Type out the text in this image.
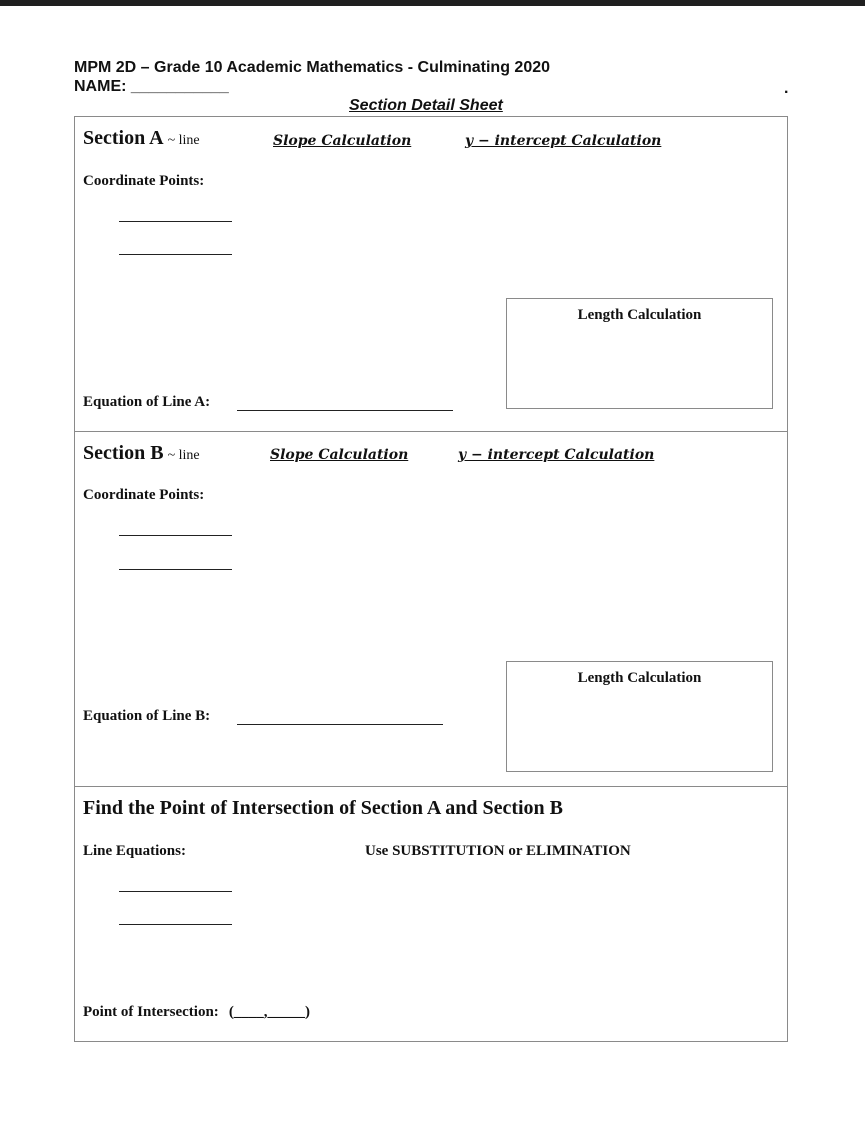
MPM 2D – Grade 10 Academic Mathematics - Culminating 2020
NAME: ___________	.
Section Detail Sheet
Section A ~ line	Slope Calculation	y − intercept Calculation
Coordinate Points:
Length Calculation
Equation of Line A:
Section B ~ line	Slope Calculation	y − intercept Calculation
Coordinate Points:
Length Calculation
Equation of Line B:
Find the Point of Intersection of Section A and Section B
Line Equations:	Use SUBSTITUTION or ELIMINATION
Point of Intersection: (____,_____)
